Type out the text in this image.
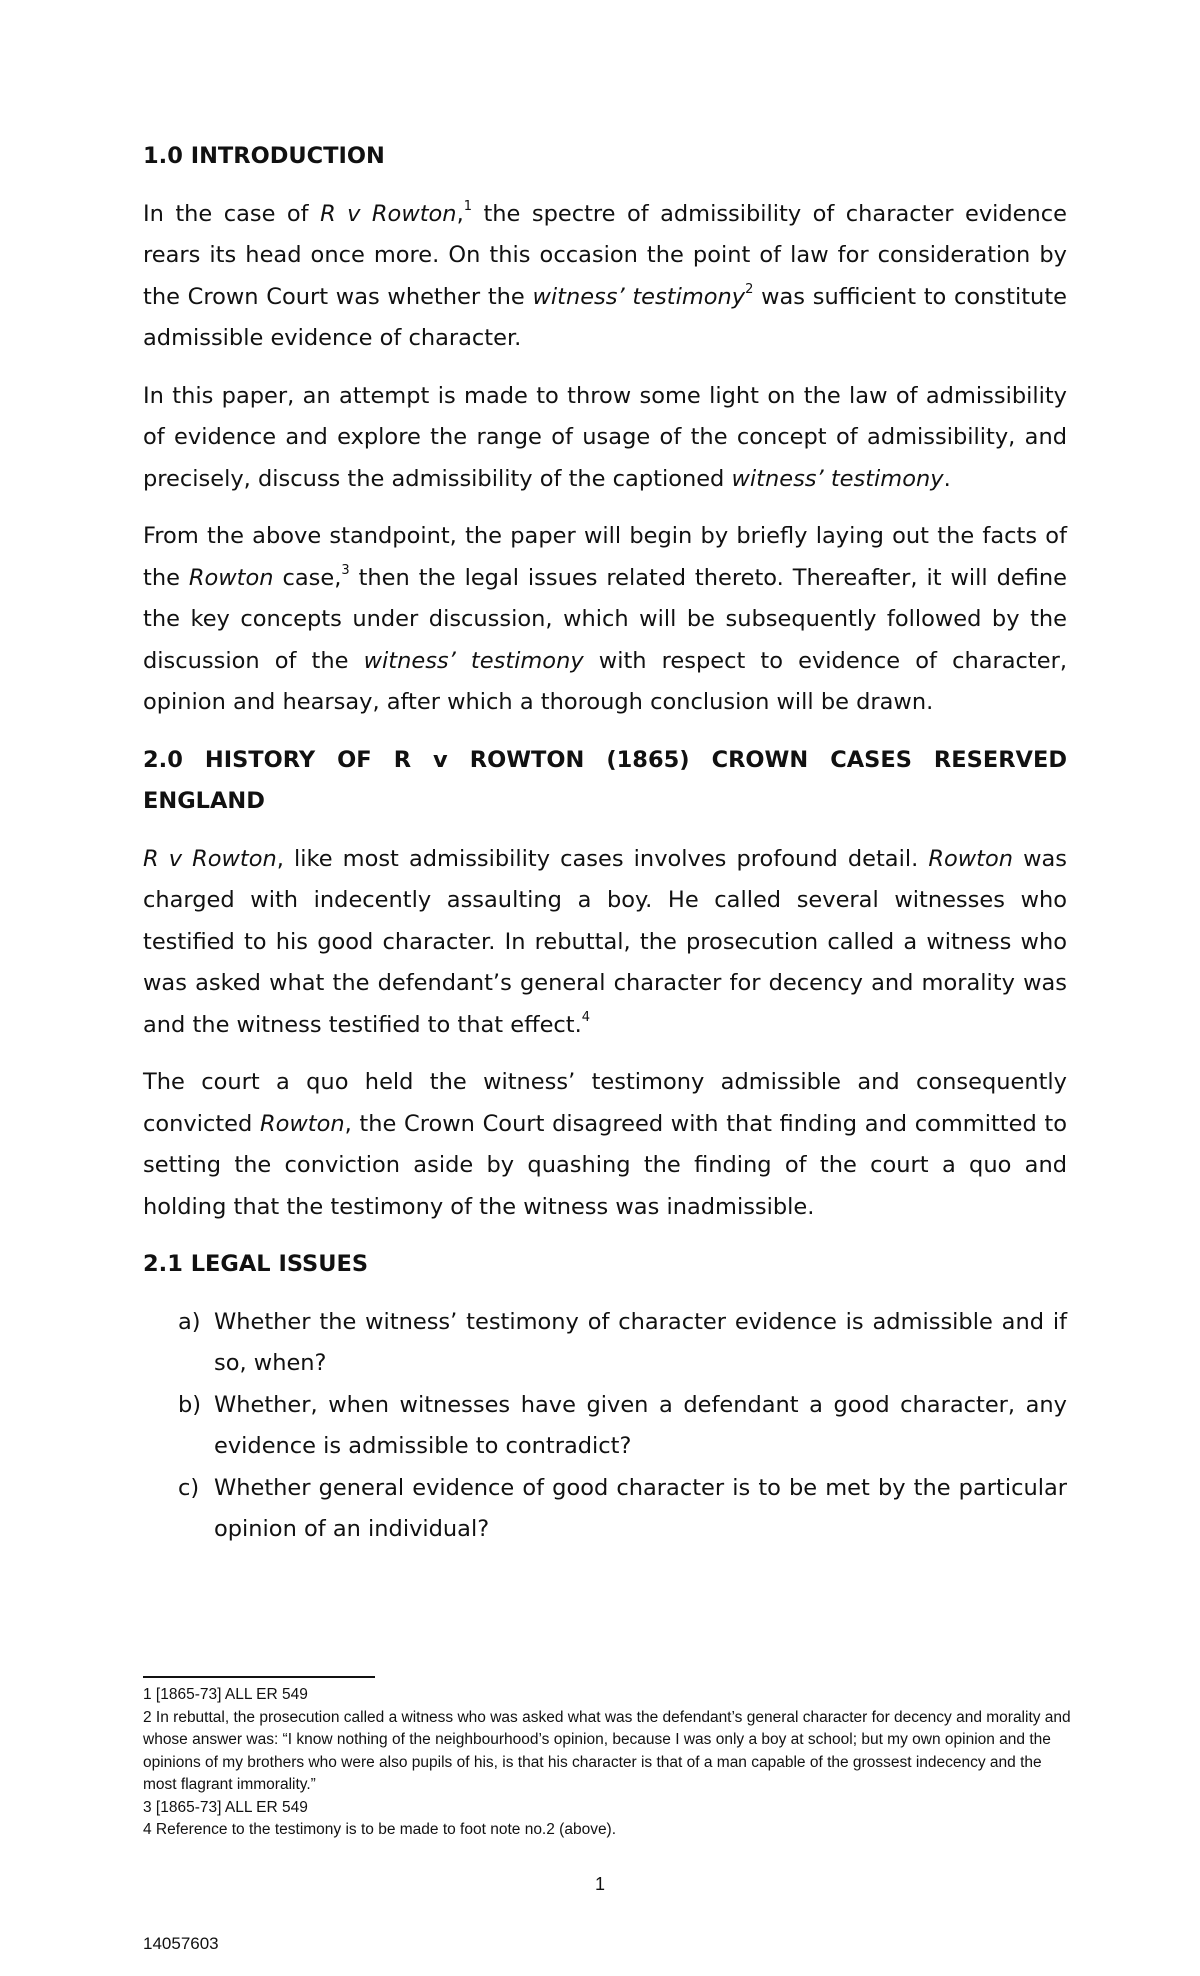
1.0 INTRODUCTION

In the case of R v Rowton,$^1$ the spectre of admissibility of character evidence rears its head once more. On this occasion the point of law for consideration by the Crown Court was whether the witness’ testimony$^2$ was sufficient to constitute admissible evidence of character.

In this paper, an attempt is made to throw some light on the law of admissibility of evidence and explore the range of usage of the concept of admissibility, and precisely, discuss the admissibility of the captioned witness’ testimony.

From the above standpoint, the paper will begin by briefly laying out the facts of the Rowton case,$^3$ then the legal issues related thereto. Thereafter, it will define the key concepts under discussion, which will be subsequently followed by the discussion of the witness’ testimony with respect to evidence of character, opinion and hearsay, after which a thorough conclusion will be drawn.

2.0 HISTORY OF R v ROWTON (1865) CROWN CASES RESERVED ENGLAND

R v Rowton, like most admissibility cases involves profound detail. Rowton was charged with indecently assaulting a boy. He called several witnesses who testified to his good character. In rebuttal, the prosecution called a witness who was asked what the defendant’s general character for decency and morality was and the witness testified to that effect.$^4$

The court a quo held the witness’ testimony admissible and consequently convicted Rowton, the Crown Court disagreed with that finding and committed to setting the conviction aside by quashing the finding of the court a quo and holding that the testimony of the witness was inadmissible.

2.1 LEGAL ISSUES
a) Whether the witness’ testimony of character evidence is admissible and if so, when?
b) Whether, when witnesses have given a defendant a good character, any evidence is admissible to contradict?
c) Whether general evidence of good character is to be met by the particular opinion of an individual?
1 [1865-73] ALL ER 549
2 In rebuttal, the prosecution called a witness who was asked what was the defendant’s general character for decency and morality and whose answer was: “I know nothing of the neighbourhood’s opinion, because I was only a boy at school; but my own opinion and the opinions of my brothers who were also pupils of his, is that his character is that of a man capable of the grossest indecency and the most flagrant immorality.”
3 [1865-73] ALL ER 549
4 Reference to the testimony is to be made to foot note no.2 (above).
1
14057603
